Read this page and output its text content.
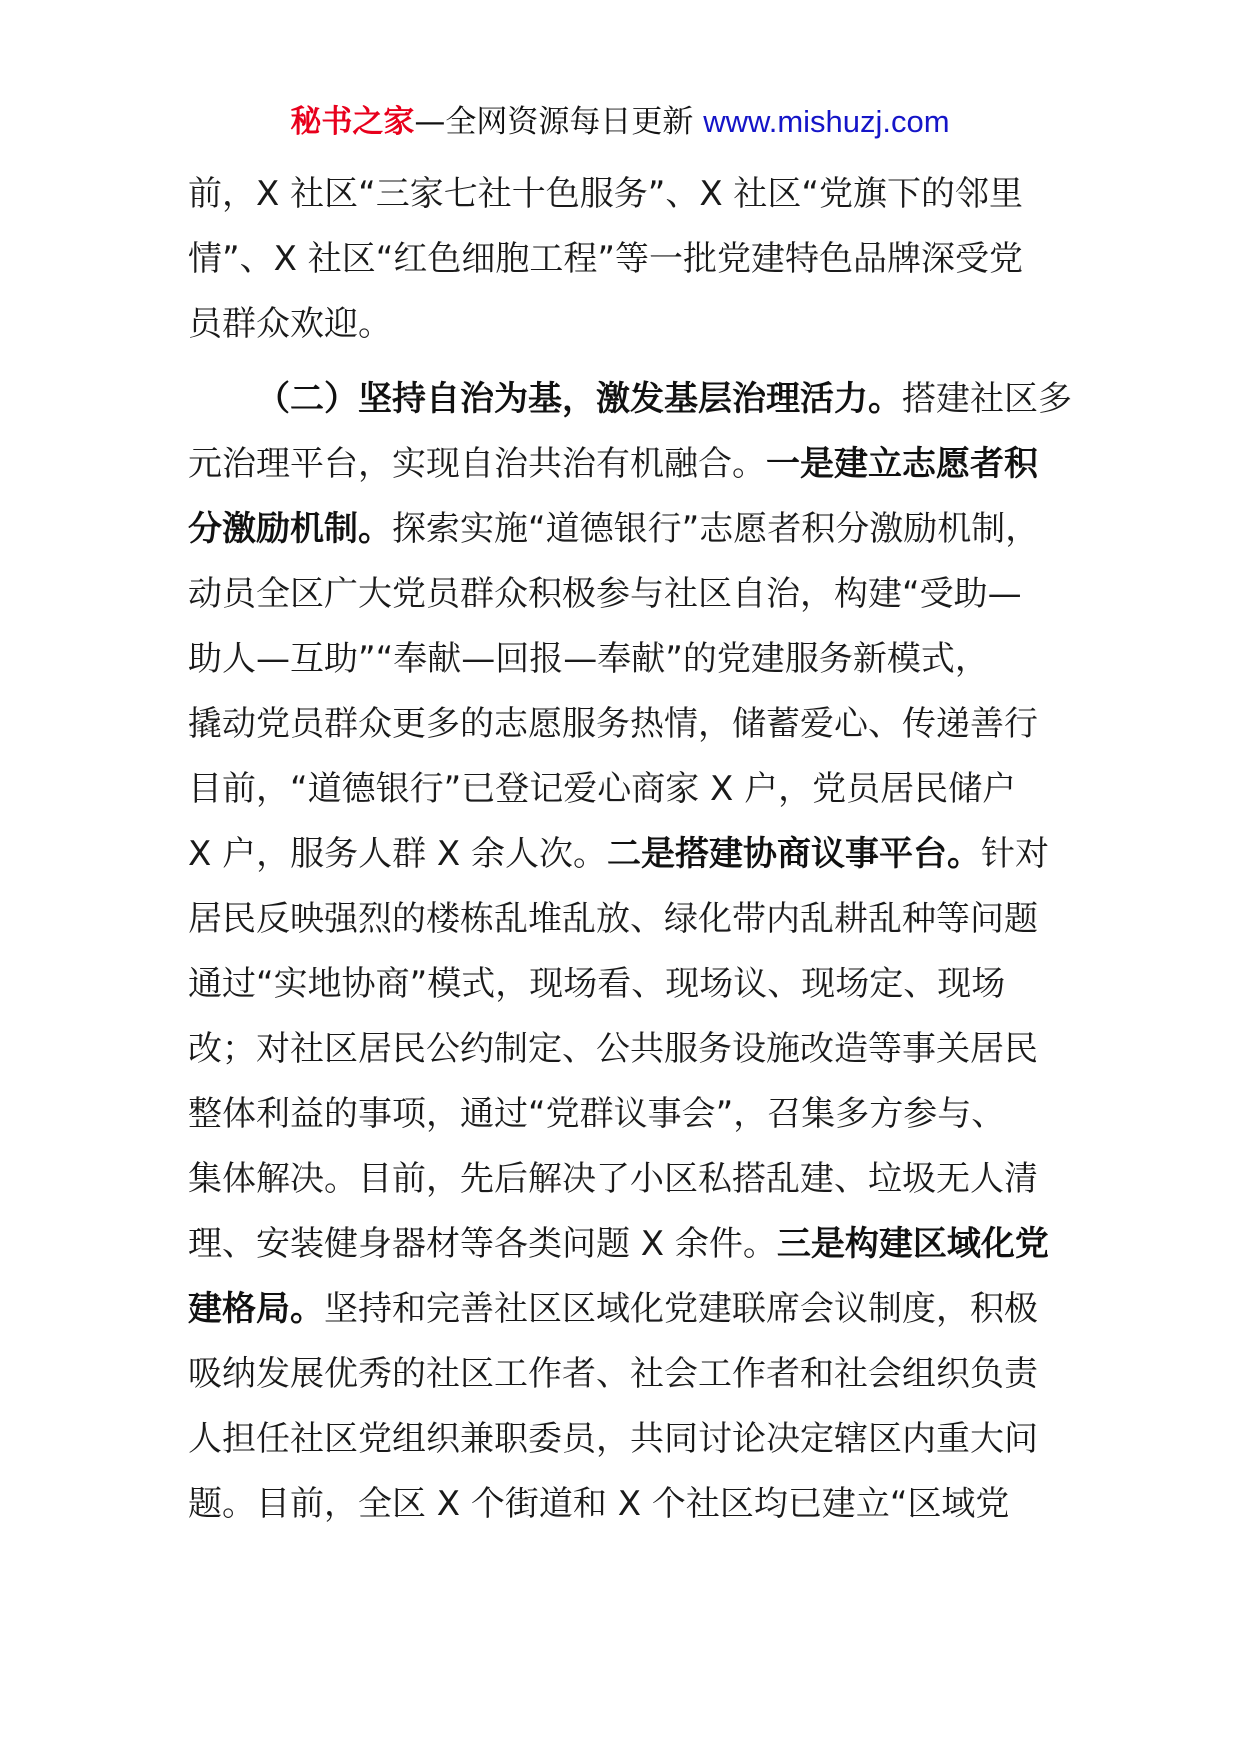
秘书之家—全网资源每日更新 www.mishuzj.com
前，X 社区“三家七社十色服务”、X 社区“党旗下的邻里
情”、X 社区“红色细胞工程”等一批党建特色品牌深受党
员群众欢迎。
（二）坚持自治为基，激发基层治理活力。搭建社区多
元治理平台，实现自治共治有机融合。一是建立志愿者积
分激励机制。探索实施“道德银行”志愿者积分激励机制，
动员全区广大党员群众积极参与社区自治，构建“受助—
助人—互助”“奉献—回报—奉献”的党建服务新模式，
撬动党员群众更多的志愿服务热情，储蓄爱心、传递善行
目前，“道德银行”已登记爱心商家 X 户，党员居民储户
X 户，服务人群 X 余人次。二是搭建协商议事平台。针对
居民反映强烈的楼栋乱堆乱放、绿化带内乱耕乱种等问题
通过“实地协商”模式，现场看、现场议、现场定、现场
改；对社区居民公约制定、公共服务设施改造等事关居民
整体利益的事项，通过“党群议事会”，召集多方参与、
集体解决。目前，先后解决了小区私搭乱建、垃圾无人清
理、安装健身器材等各类问题 X 余件。三是构建区域化党
建格局。坚持和完善社区区域化党建联席会议制度，积极
吸纳发展优秀的社区工作者、社会工作者和社会组织负责
人担任社区党组织兼职委员，共同讨论决定辖区内重大问
题。目前，全区 X 个街道和 X 个社区均已建立“区域党
